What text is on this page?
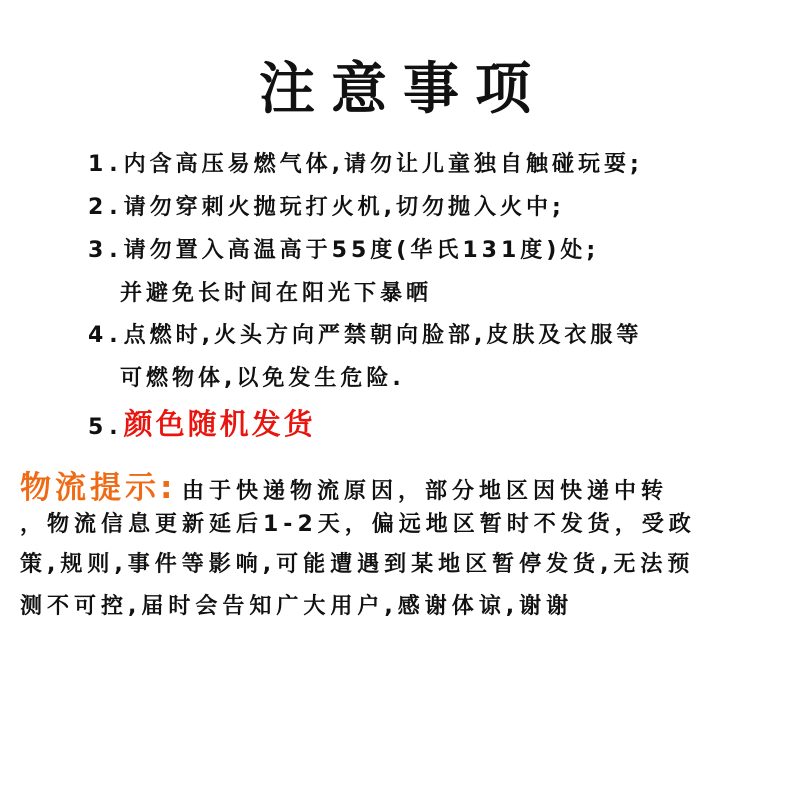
注意事项
1.内含高压易燃气体,请勿让儿童独自触碰玩耍;
2.请勿穿刺火抛玩打火机,切勿抛入火中;
3.请勿置入高温高于55度(华氏131度)处;
并避免长时间在阳光下暴晒
4.点燃时,火头方向严禁朝向脸部,皮肤及衣服等
可燃物体,以免发生危险.
5.颜色随机发货
物流提示: 由于快递物流原因，部分地区因快递中转
，物流信息更新延后1-2天，偏远地区暂时不发货，受政
策,规则,事件等影响,可能遭遇到某地区暂停发货,无法预
测不可控,届时会告知广大用户,感谢体谅,谢谢
